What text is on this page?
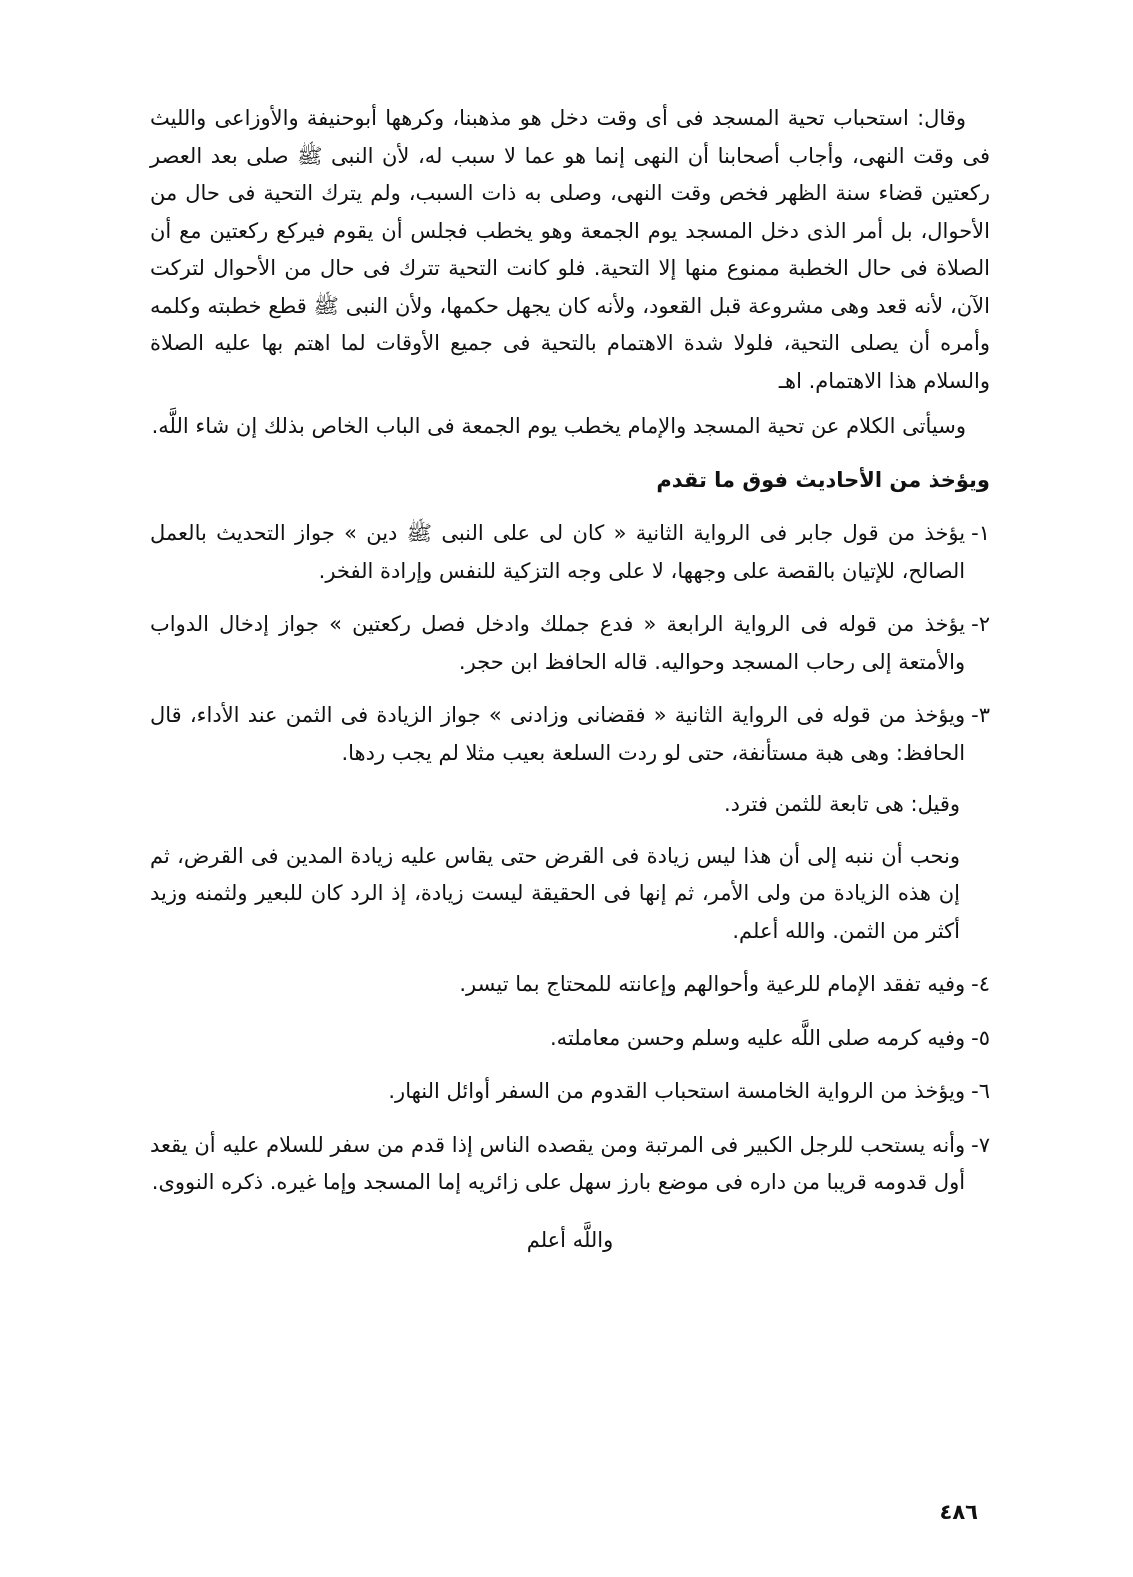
وقال: استحباب تحية المسجد فى أى وقت دخل هو مذهبنا، وكرهها أبوحنيفة والأوزاعى والليث فى وقت النهى، وأجاب أصحابنا أن النهى إنما هو عما لا سبب له، لأن النبى ﷺ صلى بعد العصر ركعتين قضاء سنة الظهر فخص وقت النهى، وصلى به ذات السبب، ولم يترك التحية فى حال من الأحوال، بل أمر الذى دخل المسجد يوم الجمعة وهو يخطب فجلس أن يقوم فيركع ركعتين مع أن الصلاة فى حال الخطبة ممنوع منها إلا التحية. فلو كانت التحية تترك فى حال من الأحوال لتركت الآن، لأنه قعد وهى مشروعة قبل القعود، ولأنه كان يجهل حكمها، ولأن النبى ﷺ قطع خطبته وكلمه وأمره أن يصلى التحية، فلولا شدة الاهتمام بالتحية فى جميع الأوقات لما اهتم بها عليه الصلاة والسلام هذا الاهتمام. اهـ

وسيأتى الكلام عن تحية المسجد والإمام يخطب يوم الجمعة فى الباب الخاص بذلك إن شاء اللَّه.

ويؤخذ من الأحاديث فوق ما تقدم

١-
يؤخذ من قول جابر فى الرواية الثانية « كان لى على النبى ﷺ دين » جواز التحديث بالعمل الصالح، للإتيان بالقصة على وجهها، لا على وجه التزكية للنفس وإرادة الفخر.
٢-
يؤخذ من قوله فى الرواية الرابعة « فدع جملك وادخل فصل ركعتين » جواز إدخال الدواب والأمتعة إلى رحاب المسجد وحواليه. قاله الحافظ ابن حجر.
٣-
ويؤخذ من قوله فى الرواية الثانية « فقضانى وزادنى » جواز الزيادة فى الثمن عند الأداء، قال الحافظ: وهى هبة مستأنفة، حتى لو ردت السلعة بعيب مثلا لم يجب ردها.

وقيل: هى تابعة للثمن فترد.

ونحب أن ننبه إلى أن هذا ليس زيادة فى القرض حتى يقاس عليه زيادة المدين فى القرض، ثم إن هذه الزيادة من ولى الأمر، ثم إنها فى الحقيقة ليست زيادة، إذ الرد كان للبعير ولثمنه وزيد أكثر من الثمن. والله أعلم.

٤-
وفيه تفقد الإمام للرعية وأحوالهم وإعانته للمحتاج بما تيسر.
٥-
وفيه كرمه صلى اللَّه عليه وسلم وحسن معاملته.
٦-
ويؤخذ من الرواية الخامسة استحباب القدوم من السفر أوائل النهار.
٧-
وأنه يستحب للرجل الكبير فى المرتبة ومن يقصده الناس إذا قدم من سفر للسلام عليه أن يقعد أول قدومه قريبا من داره فى موضع بارز سهل على زائريه إما المسجد وإما غيره. ذكره النووى.

واللَّه أعلم

٤٨٦
